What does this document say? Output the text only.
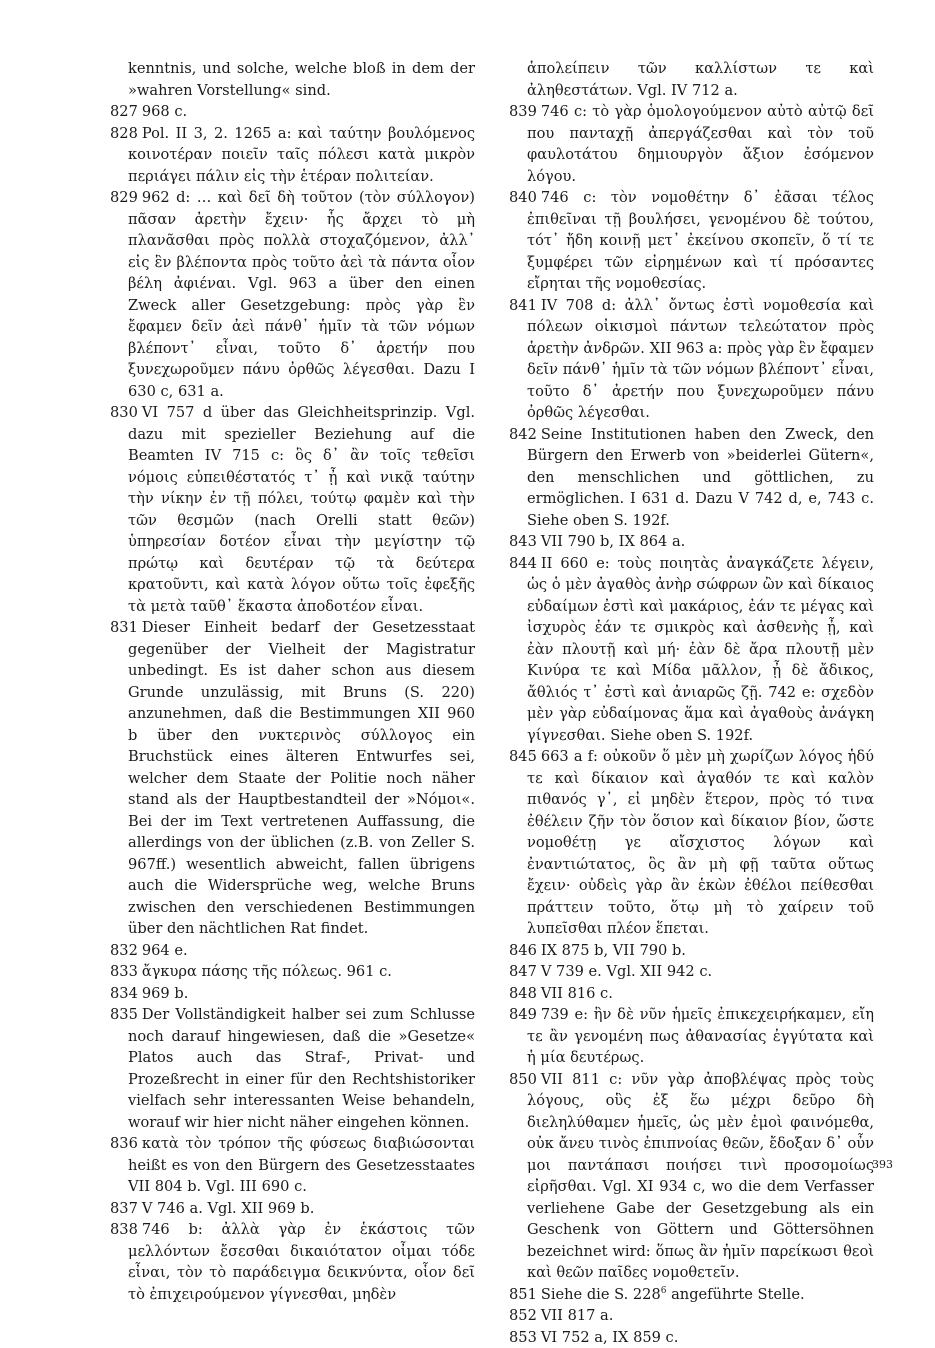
kenntnis, und solche, welche bloß in dem der »wahren Vorstellung« sind.

827 968 c.

828 Pol. II 3, 2. 1265 a: καὶ ταύτην βουλόμενος κοινοτέραν ποιεῖν ταῖς πόλεσι κατὰ μικρὸν περιάγει πάλιν εἰς τὴν ἑτέραν πολιτείαν.

829 962 d: … καὶ δεῖ δὴ τοῦτον (τὸν σύλλογον) πᾶσαν ἀρετὴν ἔχειν· ἧς ἄρχει τὸ μὴ πλανᾶσθαι πρὸς πολλὰ στοχαζόμενον, ἀλλ᾽ εἰς ἓν βλέποντα πρὸς τοῦτο ἀεὶ τὰ πάντα οἷον βέλη ἀφιέναι. Vgl. 963 a über den einen Zweck aller Gesetzgebung: πρὸς γὰρ ἓν ἔφαμεν δεῖν ἀεὶ πάνθ᾽ ἡμῖν τὰ τῶν νόμων βλέποντ᾽ εἶναι, τοῦτο δ᾽ ἀρετήν που ξυνεχωροῦμεν πάνυ ὀρθῶς λέγεσθαι. Dazu I 630 c, 631 a.

830 VI 757 d über das Gleichheitsprinzip. Vgl. dazu mit spezieller Beziehung auf die Beamten IV 715 c: ὃς δ᾽ ἂν τοῖς τεθεῖσι νόμοις εὐπειθέστατός τ᾽ ᾖ καὶ νικᾷ ταύτην τὴν νίκην ἐν τῇ πόλει, τούτῳ φαμὲν καὶ τὴν τῶν θεσμῶν (nach Orelli statt θεῶν) ὑπηρεσίαν δοτέον εἶναι τὴν μεγίστην τῷ πρώτῳ καὶ δευτέραν τῷ τὰ δεύτερα κρατοῦντι, καὶ κατὰ λόγον οὕτω τοῖς ἐφεξῆς τὰ μετὰ ταῦθ᾽ ἕκαστα ἀποδοτέον εἶναι.

831 Dieser Einheit bedarf der Gesetzesstaat gegenüber der Vielheit der Magistratur unbedingt. Es ist daher schon aus diesem Grunde unzulässig, mit Bruns (S. 220) anzunehmen, daß die Bestimmungen XII 960 b über den νυκτερινὸς σύλλογος ein Bruchstück eines älteren Entwurfes sei, welcher dem Staate der Politie noch näher stand als der Hauptbestandteil der »Νόμοι«. Bei der im Text vertretenen Auffassung, die allerdings von der üblichen (z.B. von Zeller S. 967ff.) wesentlich abweicht, fallen übrigens auch die Widersprüche weg, welche Bruns zwischen den verschiedenen Bestimmungen über den nächtlichen Rat findet.

832 964 e.

833 ἄγκυρα πάσης τῆς πόλεως. 961 c.

834 969 b.

835 Der Vollständigkeit halber sei zum Schlusse noch darauf hingewiesen, daß die »Gesetze« Platos auch das Straf-, Privat- und Prozeßrecht in einer für den Rechtshistoriker vielfach sehr interessanten Weise behandeln, worauf wir hier nicht näher eingehen können.

836 κατὰ τὸν τρόπον τῆς φύσεως διαβιώσονται heißt es von den Bürgern des Gesetzesstaates VII 804 b. Vgl. III 690 c.

837 V 746 a. Vgl. XII 969 b.

838 746 b: ἀλλὰ γὰρ ἐν ἑκάστοις τῶν μελλόντων ἔσεσθαι δικαιότατον οἶμαι τόδε εἶναι, τὸν τὸ παράδειγμα δεικνύντα, οἷον δεῖ τὸ ἐπιχειρούμενον γίγνεσθαι, μηδὲν

ἀπολείπειν τῶν καλλίστων τε καὶ ἀληθεστάτων. Vgl. IV 712 a.

839 746 c: τὸ γὰρ ὁμολογούμενον αὐτὸ αὐτῷ δεῖ που πανταχῇ ἀπεργάζεσθαι καὶ τὸν τοῦ φαυλοτάτου δημιουργὸν ἄξιον ἐσόμενον λόγου.

840 746 c: τὸν νομοθέτην δ᾽ ἐᾶσαι τέλος ἐπιθεῖναι τῇ βουλήσει, γενομένου δὲ τούτου, τότ᾽ ἤδη κοινῇ μετ᾽ ἐκείνου σκοπεῖν, ὅ τί τε ξυμφέρει τῶν εἰρημένων καὶ τί πρόσαντες εἴρηται τῆς νομοθεσίας.

841 IV 708 d: ἀλλ᾽ ὄντως ἐστὶ νομοθεσία καὶ πόλεων οἰκισμοὶ πάντων τελεώτατον πρὸς ἀρετὴν ἀνδρῶν. XII 963 a: πρὸς γὰρ ἓν ἔφαμεν δεῖν πάνθ᾽ ἡμῖν τὰ τῶν νόμων βλέποντ᾽ εἶναι, τοῦτο δ᾽ ἀρετήν που ξυνεχωροῦμεν πάνυ ὀρθῶς λέγεσθαι.

842 Seine Institutionen haben den Zweck, den Bürgern den Erwerb von »beiderlei Gütern«, den menschlichen und göttlichen, zu ermöglichen. I 631 d. Dazu V 742 d, e, 743 c. Siehe oben S. 192f.

843 VII 790 b, IX 864 a.

844 II 660 e: τοὺς ποιητὰς ἀναγκάζετε λέγειν, ὡς ὁ μὲν ἀγαθὸς ἀνὴρ σώφρων ὢν καὶ δίκαιος εὐδαίμων ἐστὶ καὶ μακάριος, ἐάν τε μέγας καὶ ἰσχυρὸς ἐάν τε σμικρὸς καὶ ἀσθενὴς ᾖ, καὶ ἐὰν πλουτῇ καὶ μή· ἐὰν δὲ ἄρα πλουτῇ μὲν Κινύρα τε καὶ Μίδα μᾶλλον, ᾖ δὲ ἄδικος, ἄθλιός τ᾽ ἐστὶ καὶ ἀνιαρῶς ζῇ. 742 e: σχεδὸν μὲν γὰρ εὐδαίμονας ἅμα καὶ ἀγαθοὺς ἀνάγκη γίγνεσθαι. Siehe oben S. 192f.

845 663 a f: οὐκοῦν ὅ μὲν μὴ χωρίζων λόγος ἡδύ τε καὶ δίκαιον καὶ ἀγαθόν τε καὶ καλὸν πιθανός γ᾽, εἰ μηδὲν ἕτερον, πρὸς τό τινα ἐθέλειν ζῆν τὸν ὅσιον καὶ δίκαιον βίον, ὥστε νομοθέτῃ γε αἴσχιστος λόγων καὶ ἐναντιώτατος, ὃς ἂν μὴ φῇ ταῦτα οὕτως ἔχειν· οὐδεὶς γὰρ ἂν ἑκὼν ἐθέλοι πείθεσθαι πράττειν τοῦτο, ὅτῳ μὴ τὸ χαίρειν τοῦ λυπεῖσθαι πλέον ἕπεται.

846 IX 875 b, VII 790 b.

847 V 739 e. Vgl. XII 942 c.

848 VII 816 c.

849 739 e: ἣν δὲ νῦν ἡμεῖς ἐπικεχειρήκαμεν, εἴη τε ἂν γενομένη πως ἀθανασίας ἐγγύτατα καὶ ἡ μία δευτέρως.

850 VII 811 c: νῦν γὰρ ἀποβλέψας πρὸς τοὺς λόγους, οὓς ἐξ ἕω μέχρι δεῦρο δὴ διεληλύθαμεν ἡμεῖς, ὡς μὲν ἐμοὶ φαινόμεθα, οὐκ ἄνευ τινὸς ἐπιπνοίας θεῶν, ἔδοξαν δ᾽ οὖν μοι παντάπασι ποιήσει τινὶ προσομοίως εἰρῆσθαι. Vgl. XI 934 c, wo die dem Verfasser verliehene Gabe der Gesetzgebung als ein Geschenk von Göttern und Göttersöhnen bezeichnet wird: ὅπως ἂν ἡμῖν παρείκωσι θεοὶ καὶ θεῶν παῖδες νομοθετεῖν.

851 Siehe die S. $228^6$ angeführte Stelle.

852 VII 817 a.

853 VI 752 a, IX 859 c.

393
